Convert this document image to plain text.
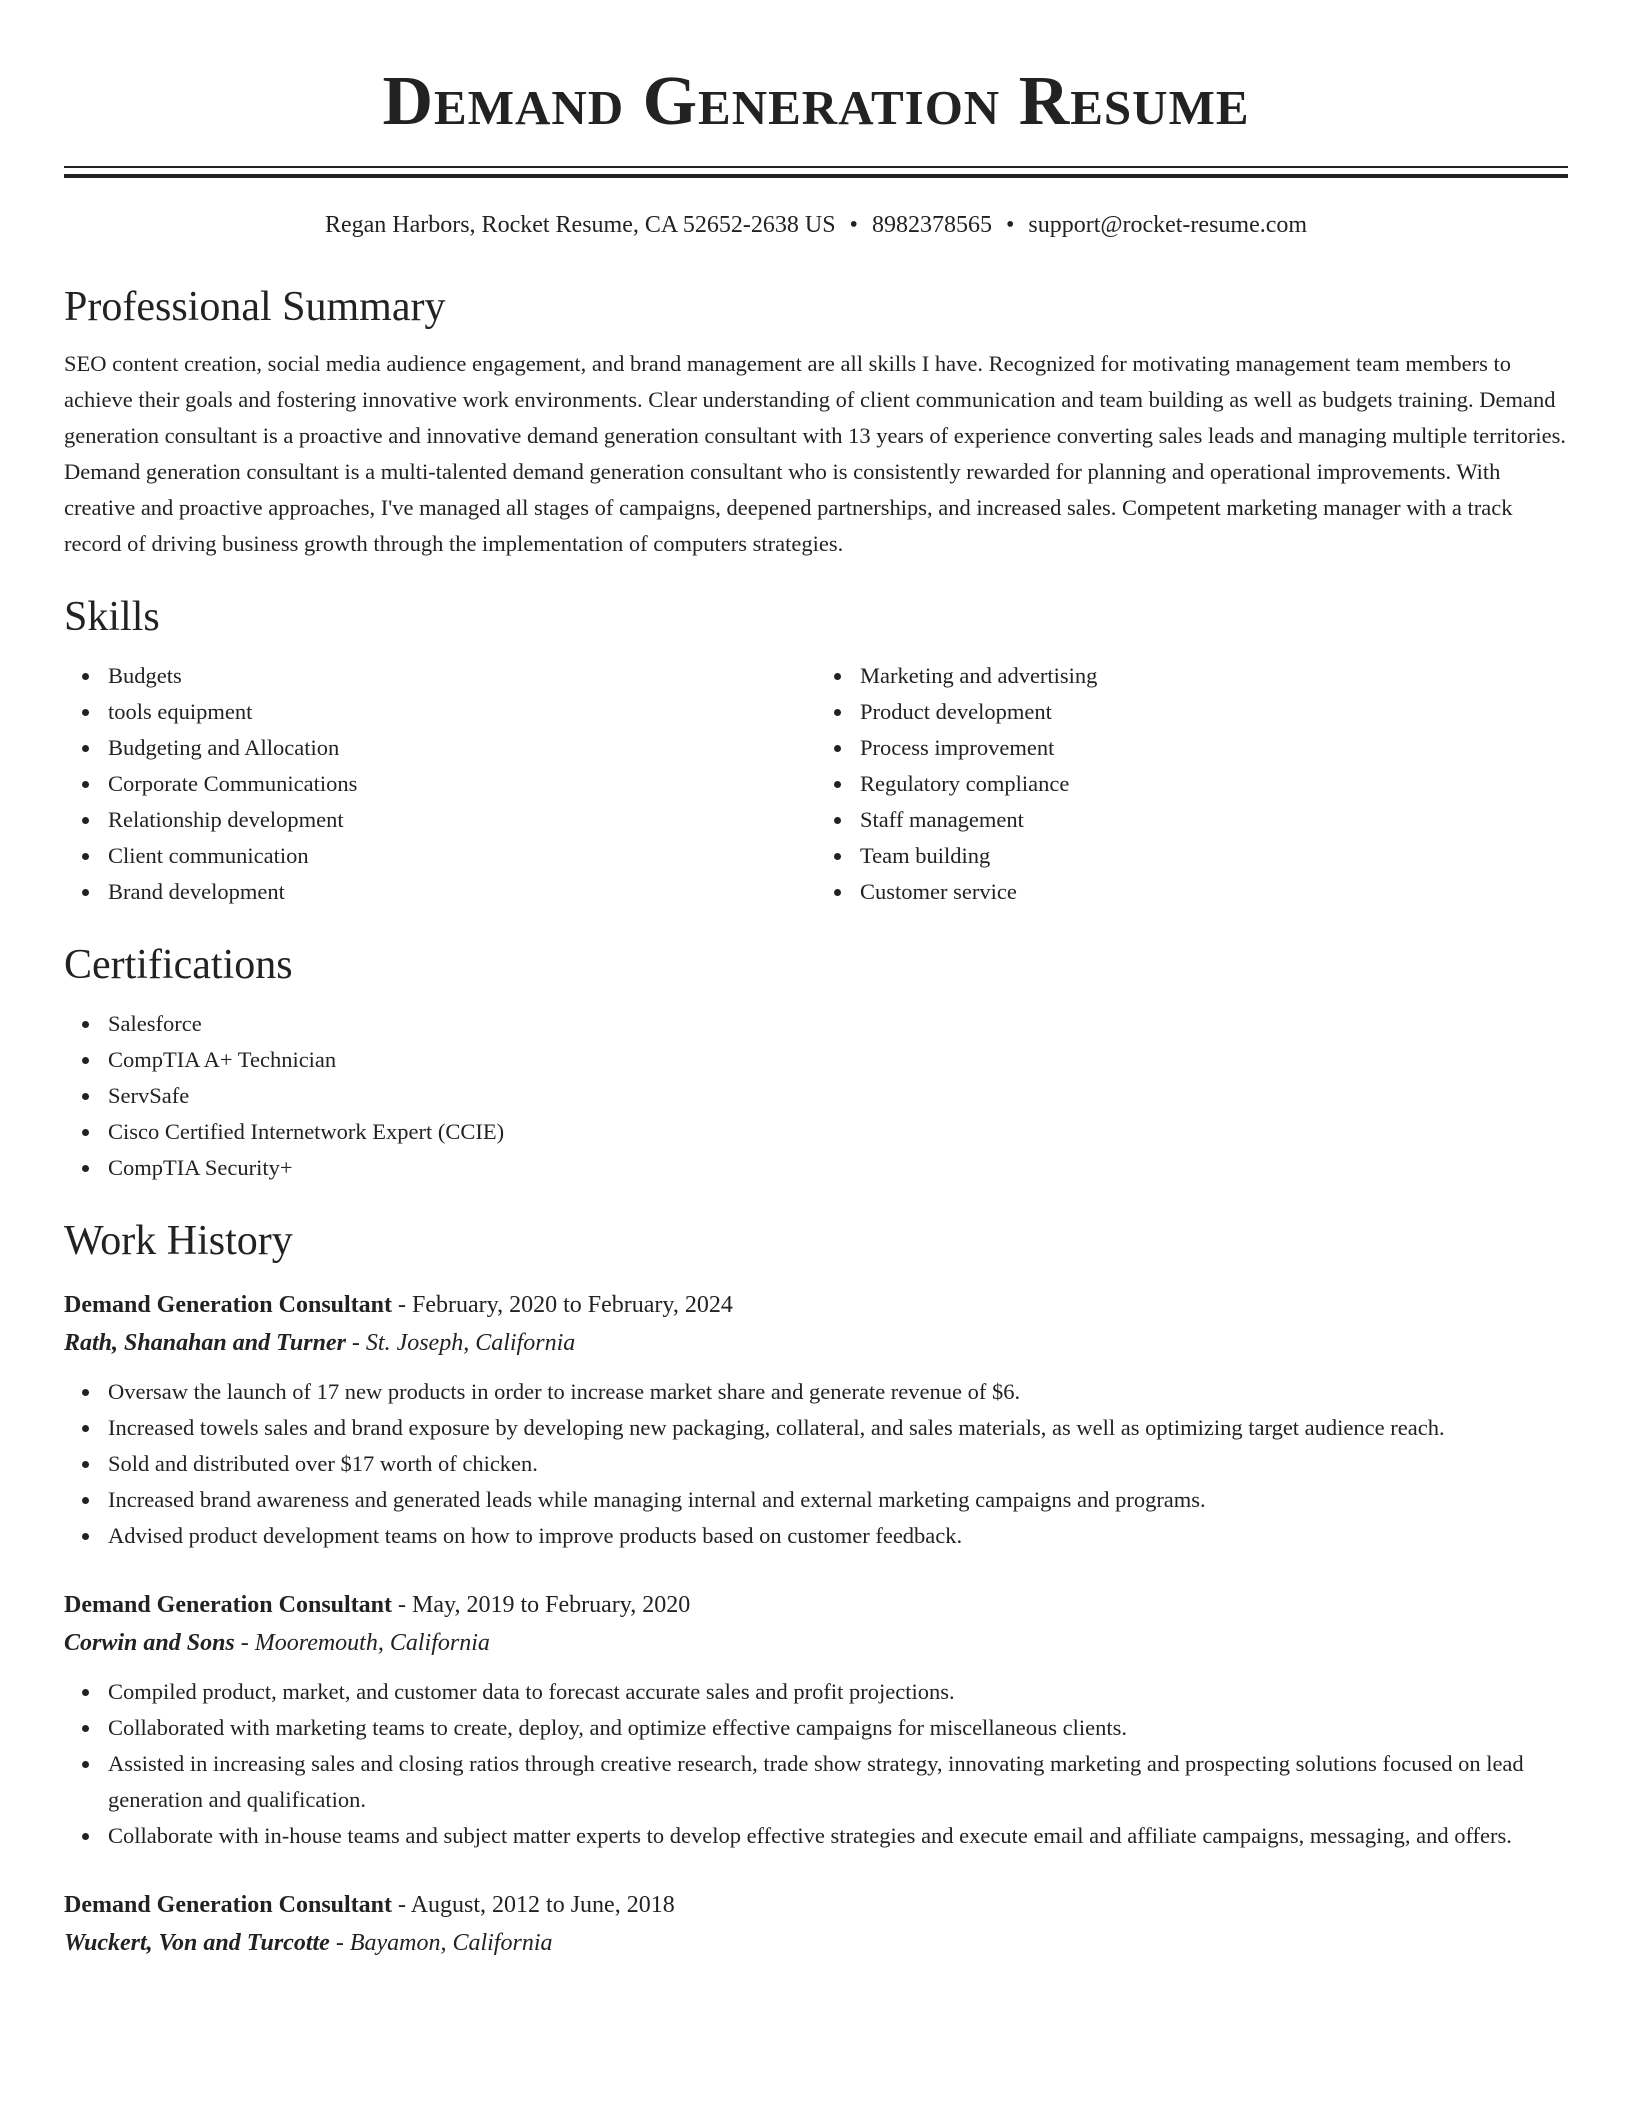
Demand Generation Resume
Regan Harbors, Rocket Resume, CA 52652-2638 US • 8982378565 • support@rocket-resume.com
Professional Summary

SEO content creation, social media audience engagement, and brand management are all skills I have. Recognized for motivating management team members to achieve their goals and fostering innovative work environments. Clear understanding of client communication and team building as well as budgets training. Demand generation consultant is a proactive and innovative demand generation consultant with 13 years of experience converting sales leads and managing multiple territories. Demand generation consultant is a multi-talented demand generation consultant who is consistently rewarded for planning and operational improvements. With creative and proactive approaches, I've managed all stages of campaigns, deepened partnerships, and increased sales. Competent marketing manager with a track record of driving business growth through the implementation of computers strategies.

Skills
Budgets
tools equipment
Budgeting and Allocation
Corporate Communications
Relationship development
Client communication
Brand development
Marketing and advertising
Product development
Process improvement
Regulatory compliance
Staff management
Team building
Customer service
Certifications
Salesforce
CompTIA A+ Technician
ServSafe
Cisco Certified Internetwork Expert (CCIE)
CompTIA Security+
Work History
Demand Generation Consultant - February, 2020 to February, 2024
Rath, Shanahan and Turner - St. Joseph, California
Oversaw the launch of 17 new products in order to increase market share and generate revenue of $6.
Increased towels sales and brand exposure by developing new packaging, collateral, and sales materials, as well as optimizing target audience reach.
Sold and distributed over $17 worth of chicken.
Increased brand awareness and generated leads while managing internal and external marketing campaigns and programs.
Advised product development teams on how to improve products based on customer feedback.
Demand Generation Consultant - May, 2019 to February, 2020
Corwin and Sons - Mooremouth, California
Compiled product, market, and customer data to forecast accurate sales and profit projections.
Collaborated with marketing teams to create, deploy, and optimize effective campaigns for miscellaneous clients.
Assisted in increasing sales and closing ratios through creative research, trade show strategy, innovating marketing and prospecting solutions focused on lead generation and qualification.
Collaborate with in-house teams and subject matter experts to develop effective strategies and execute email and affiliate campaigns, messaging, and offers.
Demand Generation Consultant - August, 2012 to June, 2018
Wuckert, Von and Turcotte - Bayamon, California
